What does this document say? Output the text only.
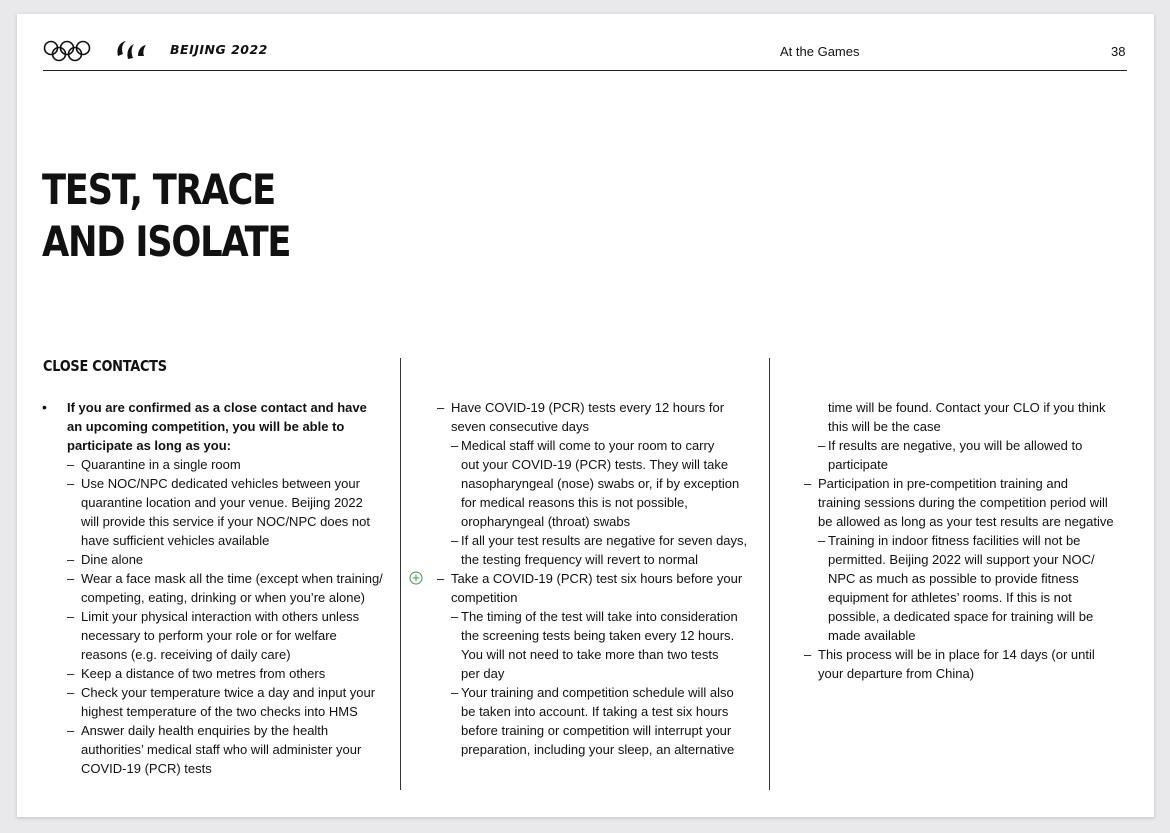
BEIJING 2022	At the Games	38
TEST, TRACE
AND ISOLATE
CLOSE CONTACTS
• If you are confirmed as a close contact and have
an upcoming competition, you will be able to
participate as long as you:
– Quarantine in a single room
– Use NOC/NPC dedicated vehicles between your
quarantine location and your venue. Beijing 2022
will provide this service if your NOC/NPC does not
have sufficient vehicles available
– Dine alone
– Wear a face mask all the time (except when training/
competing, eating, drinking or when you’re alone)
– Limit your physical interaction with others unless
necessary to perform your role or for welfare
reasons (e.g. receiving of daily care)
– Keep a distance of two metres from others
– Check your temperature twice a day and input your
highest temperature of the two checks into HMS
– Answer daily health enquiries by the health
authorities’ medical staff who will administer your
COVID-19 (PCR) tests
– Have COVID-19 (PCR) tests every 12 hours for
seven consecutive days
– Medical staff will come to your room to carry
out your COVID-19 (PCR) tests. They will take
nasopharyngeal (nose) swabs or, if by exception
for medical reasons this is not possible,
oropharyngeal (throat) swabs
– If all your test results are negative for seven days,
the testing frequency will revert to normal
– Take a COVID-19 (PCR) test six hours before your
competition
– The timing of the test will take into consideration
the screening tests being taken every 12 hours.
You will not need to take more than two tests
per day
– Your training and competition schedule will also
be taken into account. If taking a test six hours
before training or competition will interrupt your
preparation, including your sleep, an alternative
time will be found. Contact your CLO if you think
this will be the case
– If results are negative, you will be allowed to
participate
– Participation in pre-competition training and
training sessions during the competition period will
be allowed as long as your test results are negative
– Training in indoor fitness facilities will not be
permitted. Beijing 2022 will support your NOC/
NPC as much as possible to provide fitness
equipment for athletes’ rooms. If this is not
possible, a dedicated space for training will be
made available
– This process will be in place for 14 days (or until
your departure from China)
